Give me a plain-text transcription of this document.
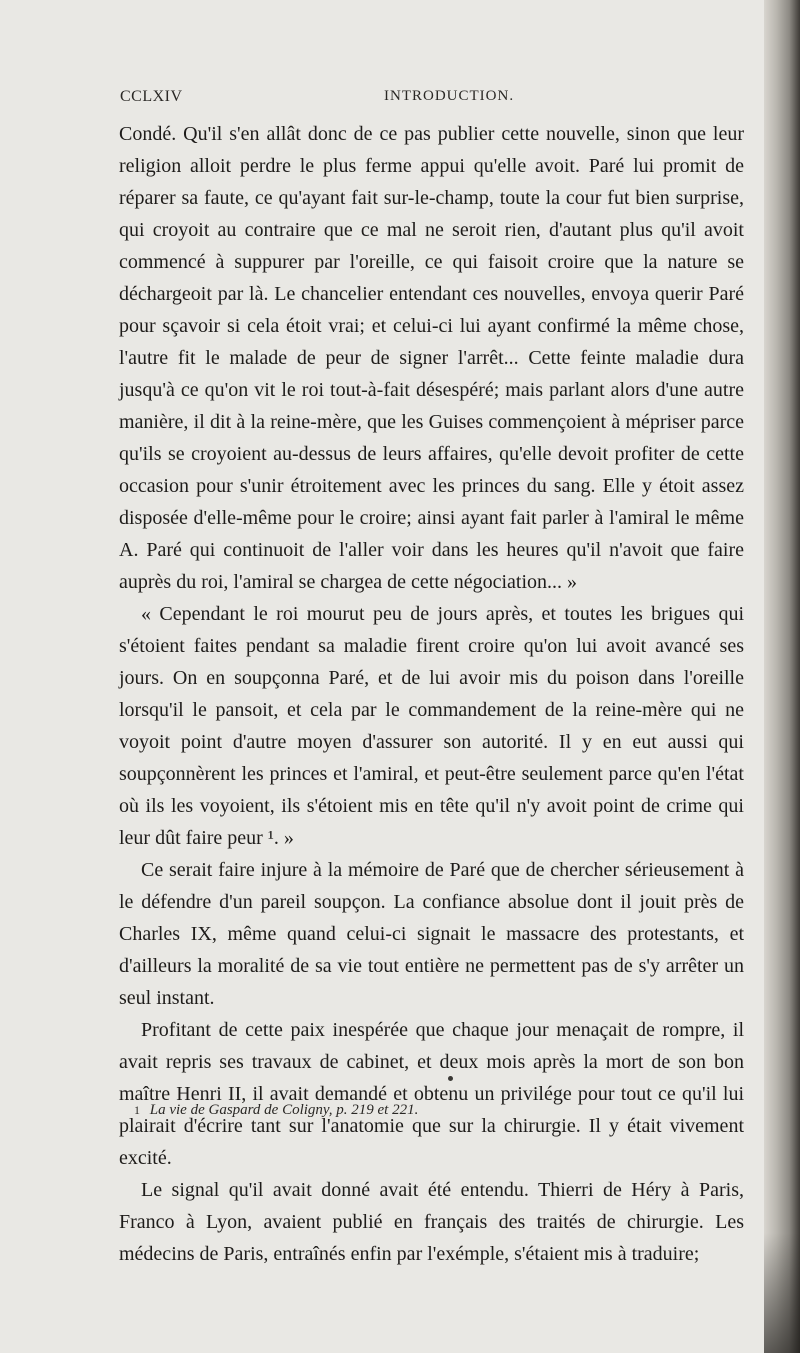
CCLXIV	INTRODUCTION.

Condé. Qu'il s'en allât donc de ce pas publier cette nouvelle, sinon que leur religion alloit perdre le plus ferme appui qu'elle avoit. Paré lui promit de réparer sa faute, ce qu'ayant fait sur-le-champ, toute la cour fut bien surprise, qui croyoit au contraire que ce mal ne seroit rien, d'autant plus qu'il avoit commencé à suppurer par l'oreille, ce qui faisoit croire que la nature se déchargeoit par là. Le chancelier entendant ces nouvelles, envoya querir Paré pour sçavoir si cela étoit vrai; et celui-ci lui ayant confirmé la même chose, l'autre fit le malade de peur de signer l'arrêt... Cette feinte maladie dura jusqu'à ce qu'on vit le roi tout-à-fait désespéré; mais parlant alors d'une autre manière, il dit à la reine-mère, que les Guises commençoient à mépriser parce qu'ils se croyoient au-dessus de leurs affaires, qu'elle devoit profiter de cette occasion pour s'unir étroitement avec les princes du sang. Elle y étoit assez disposée d'elle-même pour le croire; ainsi ayant fait parler à l'amiral le même A. Paré qui continuoit de l'aller voir dans les heures qu'il n'avoit que faire auprès du roi, l'amiral se chargea de cette négociation... »

« Cependant le roi mourut peu de jours après, et toutes les brigues qui s'étoient faites pendant sa maladie firent croire qu'on lui avoit avancé ses jours. On en soupçonna Paré, et de lui avoir mis du poison dans l'oreille lorsqu'il le pansoit, et cela par le commandement de la reine-mère qui ne voyoit point d'autre moyen d'assurer son autorité. Il y en eut aussi qui soupçonnèrent les princes et l'amiral, et peut-être seulement parce qu'en l'état où ils les voyoient, ils s'étoient mis en tête qu'il n'y avoit point de crime qui leur dût faire peur ¹. »

Ce serait faire injure à la mémoire de Paré que de chercher sérieusement à le défendre d'un pareil soupçon. La confiance absolue dont il jouit près de Charles IX, même quand celui-ci signait le massacre des protestants, et d'ailleurs la moralité de sa vie tout entière ne permettent pas de s'y arrêter un seul instant.

Profitant de cette paix inespérée que chaque jour menaçait de rompre, il avait repris ses travaux de cabinet, et deux mois après la mort de son bon maître Henri II, il avait demandé et obtenu un privilége pour tout ce qu'il lui plairait d'écrire tant sur l'anatomie que sur la chirurgie. Il y était vivement excité.

Le signal qu'il avait donné avait été entendu. Thierri de Héry à Paris, Franco à Lyon, avaient publié en français des traités de chirurgie. Les médecins de Paris, entraînés enfin par l'exémple, s'étaient mis à traduire;

1 La vie de Gaspard de Coligny, p. 219 et 221.
